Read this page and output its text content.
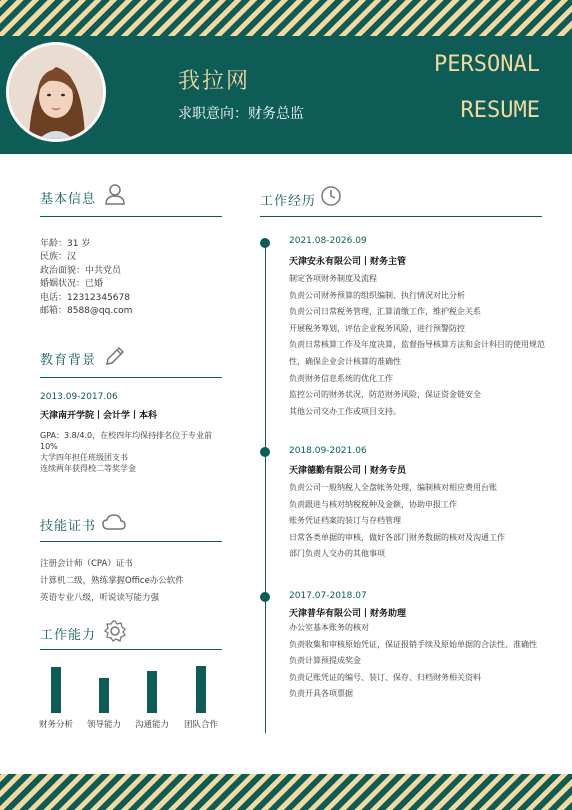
我拉网
求职意向：财务总监
PERSONAL
RESUME
基本信息
年龄：31 岁
民族：汉
政治面貌：中共党员
婚姻状况：已婚
电话：12312345678
邮箱：8588@qq.com
教育背景
2013.09-2017.06
天津南开学院丨会计学丨本科
GPA：3.8/4.0，在校四年均保持排名位于专业前10%
大学四年担任班级团支书
连续两年获得校二等奖学金
技能证书
注册会计师（CPA）证书
计算机二级，熟练掌握Office办公软件
英语专业八级，听说读写能力强
工作能力
财务分析	领导能力	沟通能力	团队合作
工作经历
2021.08-2026.09
天津安永有限公司丨财务主管
制定各项财务制度及流程
负责公司财务预算的组织编制、执行情况对比分析
负责公司日常税务管理，汇算清缴工作，维护税企关系
开展税务筹划，评估企业税务风险，进行预警防控
负责日常核算工作及年度决算，监督指导核算方法和会计科目的使用规范性，确保企业会计核算的准确性
负责财务信息系统的优化工作
监控公司的财务状况，防范财务风险，保证资金链安全
其他公司交办工作或项目支持。
2018.09-2021.06
天津德勤有限公司丨财务专员
负责公司一般纳税人全盘帐务处理，编制核对相应费用台账
负责跟进与核对纳税税种及金额，协助申报工作
账务凭证档案的装订与存档管理
日常各类单据的审核，做好各部门财务数据的核对及沟通工作
部门负责人交办的其他事项
2017.07-2018.07
天津普华有限公司丨财务助理
办公室基本账务的核对
负责收集和审核原始凭证，保证报销手续及原始单据的合法性、准确性
负责计算预提成奖金
负责记账凭证的编号、装订、保存、归档财务相关资料
负责开具各项票据
